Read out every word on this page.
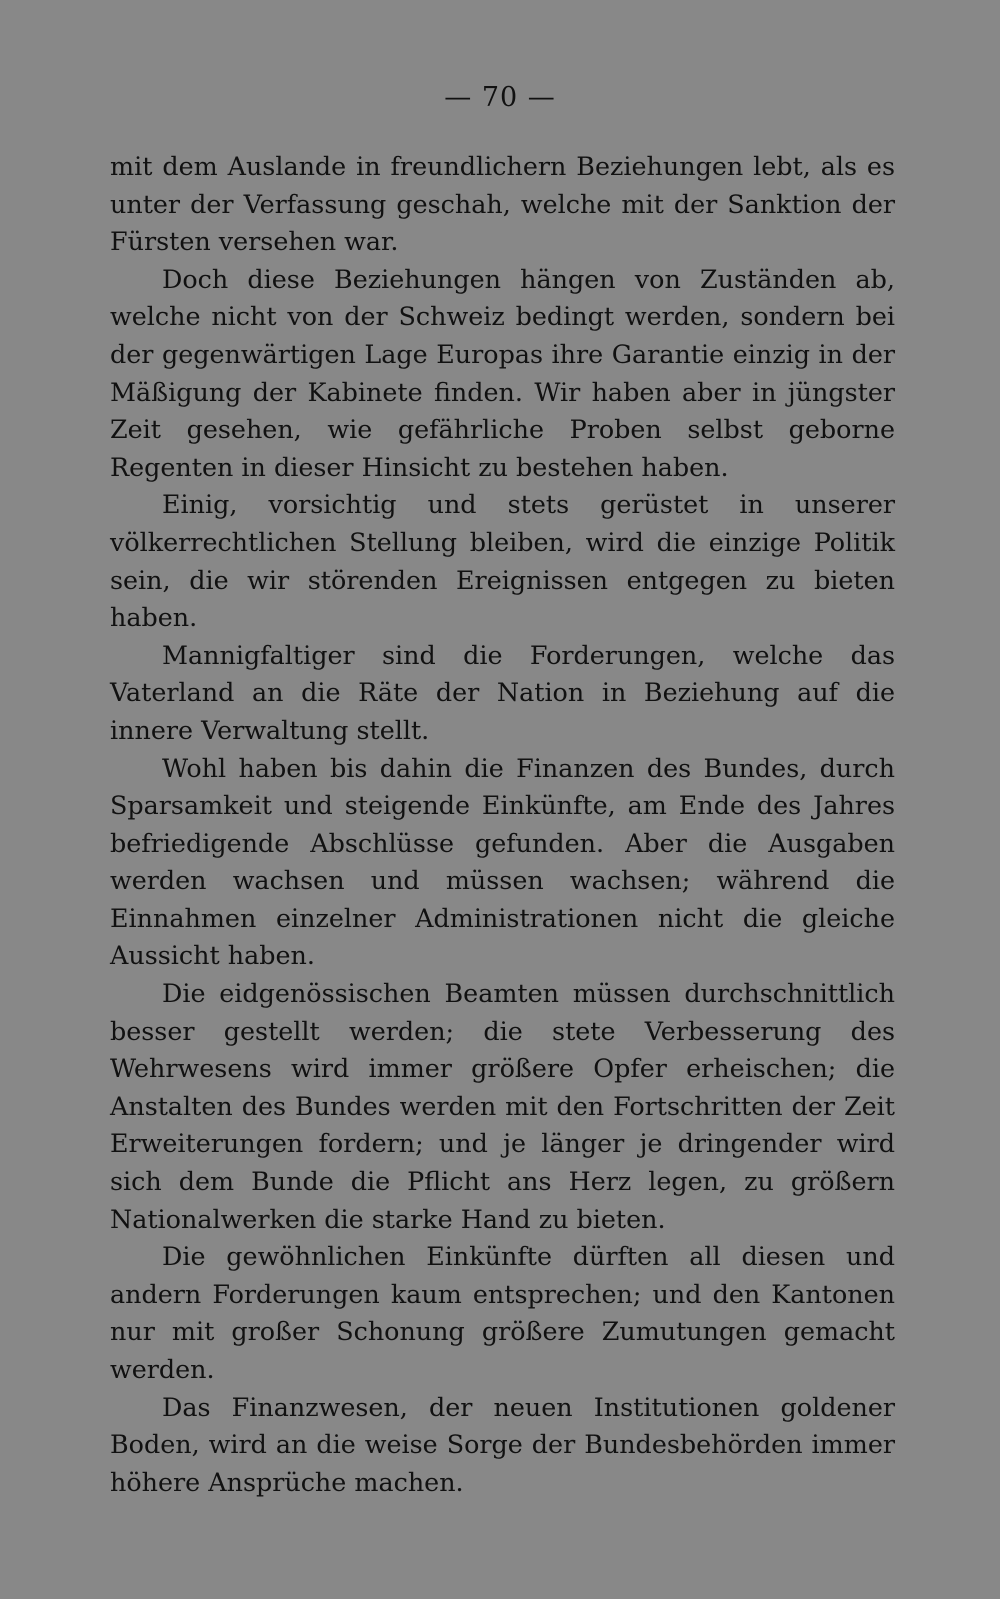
— 70 —

mit dem Auslande in freundlichern Beziehungen lebt, als es unter der Verfassung geschah, welche mit der Sanktion der Fürsten versehen war.

Doch diese Beziehungen hängen von Zuständen ab, welche nicht von der Schweiz bedingt werden, sondern bei der gegenwärtigen Lage Europas ihre Garantie einzig in der Mäßigung der Kabinete finden. Wir haben aber in jüngster Zeit gesehen, wie gefährliche Proben selbst geborne Regenten in dieser Hinsicht zu bestehen haben.

Einig, vorsichtig und stets gerüstet in unserer völkerrechtlichen Stellung bleiben, wird die einzige Politik sein, die wir störenden Ereignissen entgegen zu bieten haben.

Mannigfaltiger sind die Forderungen, welche das Vaterland an die Räte der Nation in Beziehung auf die innere Verwaltung stellt.

Wohl haben bis dahin die Finanzen des Bundes, durch Sparsamkeit und steigende Einkünfte, am Ende des Jahres befriedigende Abschlüsse gefunden. Aber die Ausgaben werden wachsen und müssen wachsen; während die Einnahmen einzelner Administrationen nicht die gleiche Aussicht haben.

Die eidgenössischen Beamten müssen durchschnittlich besser gestellt werden; die stete Verbesserung des Wehrwesens wird immer größere Opfer erheischen; die Anstalten des Bundes werden mit den Fortschritten der Zeit Erweiterungen fordern; und je länger je dringender wird sich dem Bunde die Pflicht ans Herz legen, zu größern Nationalwerken die starke Hand zu bieten.

Die gewöhnlichen Einkünfte dürften all diesen und andern Forderungen kaum entsprechen; und den Kantonen nur mit großer Schonung größere Zumutungen gemacht werden.

Das Finanzwesen, der neuen Institutionen goldener Boden, wird an die weise Sorge der Bundesbehörden immer höhere Ansprüche machen.
